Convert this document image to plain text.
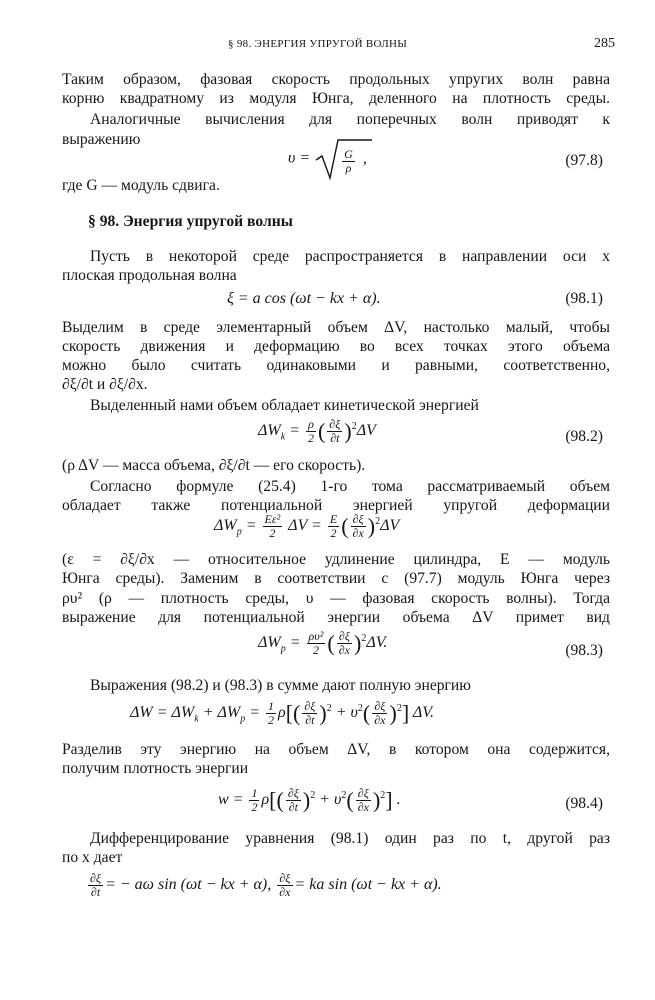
§ 98. ЭНЕРГИЯ УПРУГОЙ ВОЛНЫ	285
Таким образом, фазовая скорость продольных упругих волн равна
корню квадратному из модуля Юнга, деленного на плотность среды.
Аналогичные вычисления для поперечных волн приводят к
выражению
υ =	$\frac{G}{\rho}$ ,	(97.8)
где G — модуль сдвига.
§ 98. Энергия упругой волны
Пусть в некоторой среде распространяется в направлении оси x
плоская продольная волна
ξ = a cos (ωt − kx + α).	(98.1)
Выделим в среде элементарный объем ΔV, настолько малый, чтобы
скорость движения и деформацию во всех точках этого объема
можно было считать одинаковыми и равными, соответственно,
∂ξ/∂t и ∂ξ/∂x.
Выделенный нами объем обладает кинетической энергией
$\Delta W_k = \frac{\rho}{2}$ ( $\frac{\partial\xi}{\partial t} )^2\Delta V$	(98.2)
(ρ ΔV — масса объема, ∂ξ/∂t — его скорость).
Согласно формуле (25.4) 1-го тома рассматриваемый объем
обладает также потенциальной энергией упругой деформации
$\Delta W_p = \frac{\text{Eε²}}{2}$ $\Delta V = \frac{E}{2}$ ( $\frac{\partial\xi}{\partial x} )^2\Delta V$
(ε = ∂ξ/∂x — относительное удлинение цилиндра, E — модуль
Юнга среды). Заменим в соответствии с (97.7) модуль Юнга через
ρυ² (ρ — плотность среды, υ — фазовая скорость волны). Тогда
выражение для потенциальной энергии объема ΔV примет вид
$\Delta W_p = \frac{\text{ρυ²}}{2}$ ( $\frac{\partial\xi}{\partial x} )^2\Delta V$.	(98.3)
Выражения (98.2) и (98.3) в сумме дают полную энергию
$\Delta W = \Delta W_k + \Delta W_p = \frac{1}{2} \rho[( \frac{\partial\xi}{\partial t} )^2 + \upsilon^2( \frac{\partial\xi}{\partial x} )^2]$ ΔV.
Разделив эту энергию на объем ΔV, в котором она содержится,
получим плотность энергии
$w = \frac{1}{2} \rho[( \frac{\partial\xi}{\partial t} )^2 + \upsilon^2( \frac{\partial\xi}{\partial x} )^2]$ .	(98.4)
Дифференцирование уравнения (98.1) один раз по t, другой раз
по x дает
$\frac{\partial\xi}{\partial t}$ = − aω sin (ωt − kx + α), $\frac{\partial\xi}{\partial x}$ = ka sin (ωt − kx + α).
